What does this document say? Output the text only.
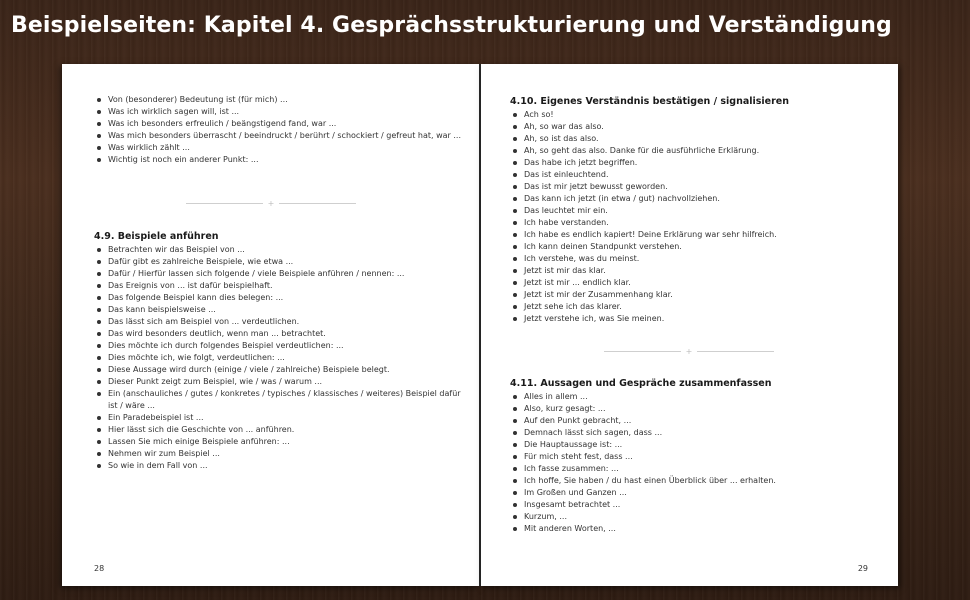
Beispielseiten: Kapitel 4. Gesprächsstrukturierung und Verständigung
Von (besonderer) Bedeutung ist (für mich) ...
Was ich wirklich sagen will, ist ...
Was ich besonders erfreulich / beängstigend fand, war ...
Was mich besonders überrascht / beeindruckt / berührt / schockiert / gefreut hat, war ...
Was wirklich zählt ...
Wichtig ist noch ein anderer Punkt: ...
+
4.9. Beispiele anführen
Betrachten wir das Beispiel von ...
Dafür gibt es zahlreiche Beispiele, wie etwa ...
Dafür / Hierfür lassen sich folgende / viele Beispiele anführen / nennen: ...
Das Ereignis von ... ist dafür beispielhaft.
Das folgende Beispiel kann dies belegen: ...
Das kann beispielsweise ...
Das lässt sich am Beispiel von ... verdeutlichen.
Das wird besonders deutlich, wenn man ... betrachtet.
Dies möchte ich durch folgendes Beispiel verdeutlichen: ...
Dies möchte ich, wie folgt, verdeutlichen: ...
Diese Aussage wird durch (einige / viele / zahlreiche) Beispiele belegt.
Dieser Punkt zeigt zum Beispiel, wie / was / warum ...
Ein (anschauliches / gutes / konkretes / typisches / klassisches / weiteres) Beispiel dafür ist / wäre ...
Ein Paradebeispiel ist ...
Hier lässt sich die Geschichte von ... anführen.
Lassen Sie mich einige Beispiele anführen: ...
Nehmen wir zum Beispiel ...
So wie in dem Fall von ...
28
4.10. Eigenes Verständnis bestätigen / signalisieren
Ach so!
Ah, so war das also.
Ah, so ist das also.
Ah, so geht das also. Danke für die ausführliche Erklärung.
Das habe ich jetzt begriffen.
Das ist einleuchtend.
Das ist mir jetzt bewusst geworden.
Das kann ich jetzt (in etwa / gut) nachvollziehen.
Das leuchtet mir ein.
Ich habe verstanden.
Ich habe es endlich kapiert! Deine Erklärung war sehr hilfreich.
Ich kann deinen Standpunkt verstehen.
Ich verstehe, was du meinst.
Jetzt ist mir das klar.
Jetzt ist mir ... endlich klar.
Jetzt ist mir der Zusammenhang klar.
Jetzt sehe ich das klarer.
Jetzt verstehe ich, was Sie meinen.
+
4.11. Aussagen und Gespräche zusammenfassen
Alles in allem ...
Also, kurz gesagt: ...
Auf den Punkt gebracht, ...
Demnach lässt sich sagen, dass ...
Die Hauptaussage ist: ...
Für mich steht fest, dass ...
Ich fasse zusammen: ...
Ich hoffe, Sie haben / du hast einen Überblick über ... erhalten.
Im Großen und Ganzen ...
Insgesamt betrachtet ...
Kurzum, ...
Mit anderen Worten, ...
29
